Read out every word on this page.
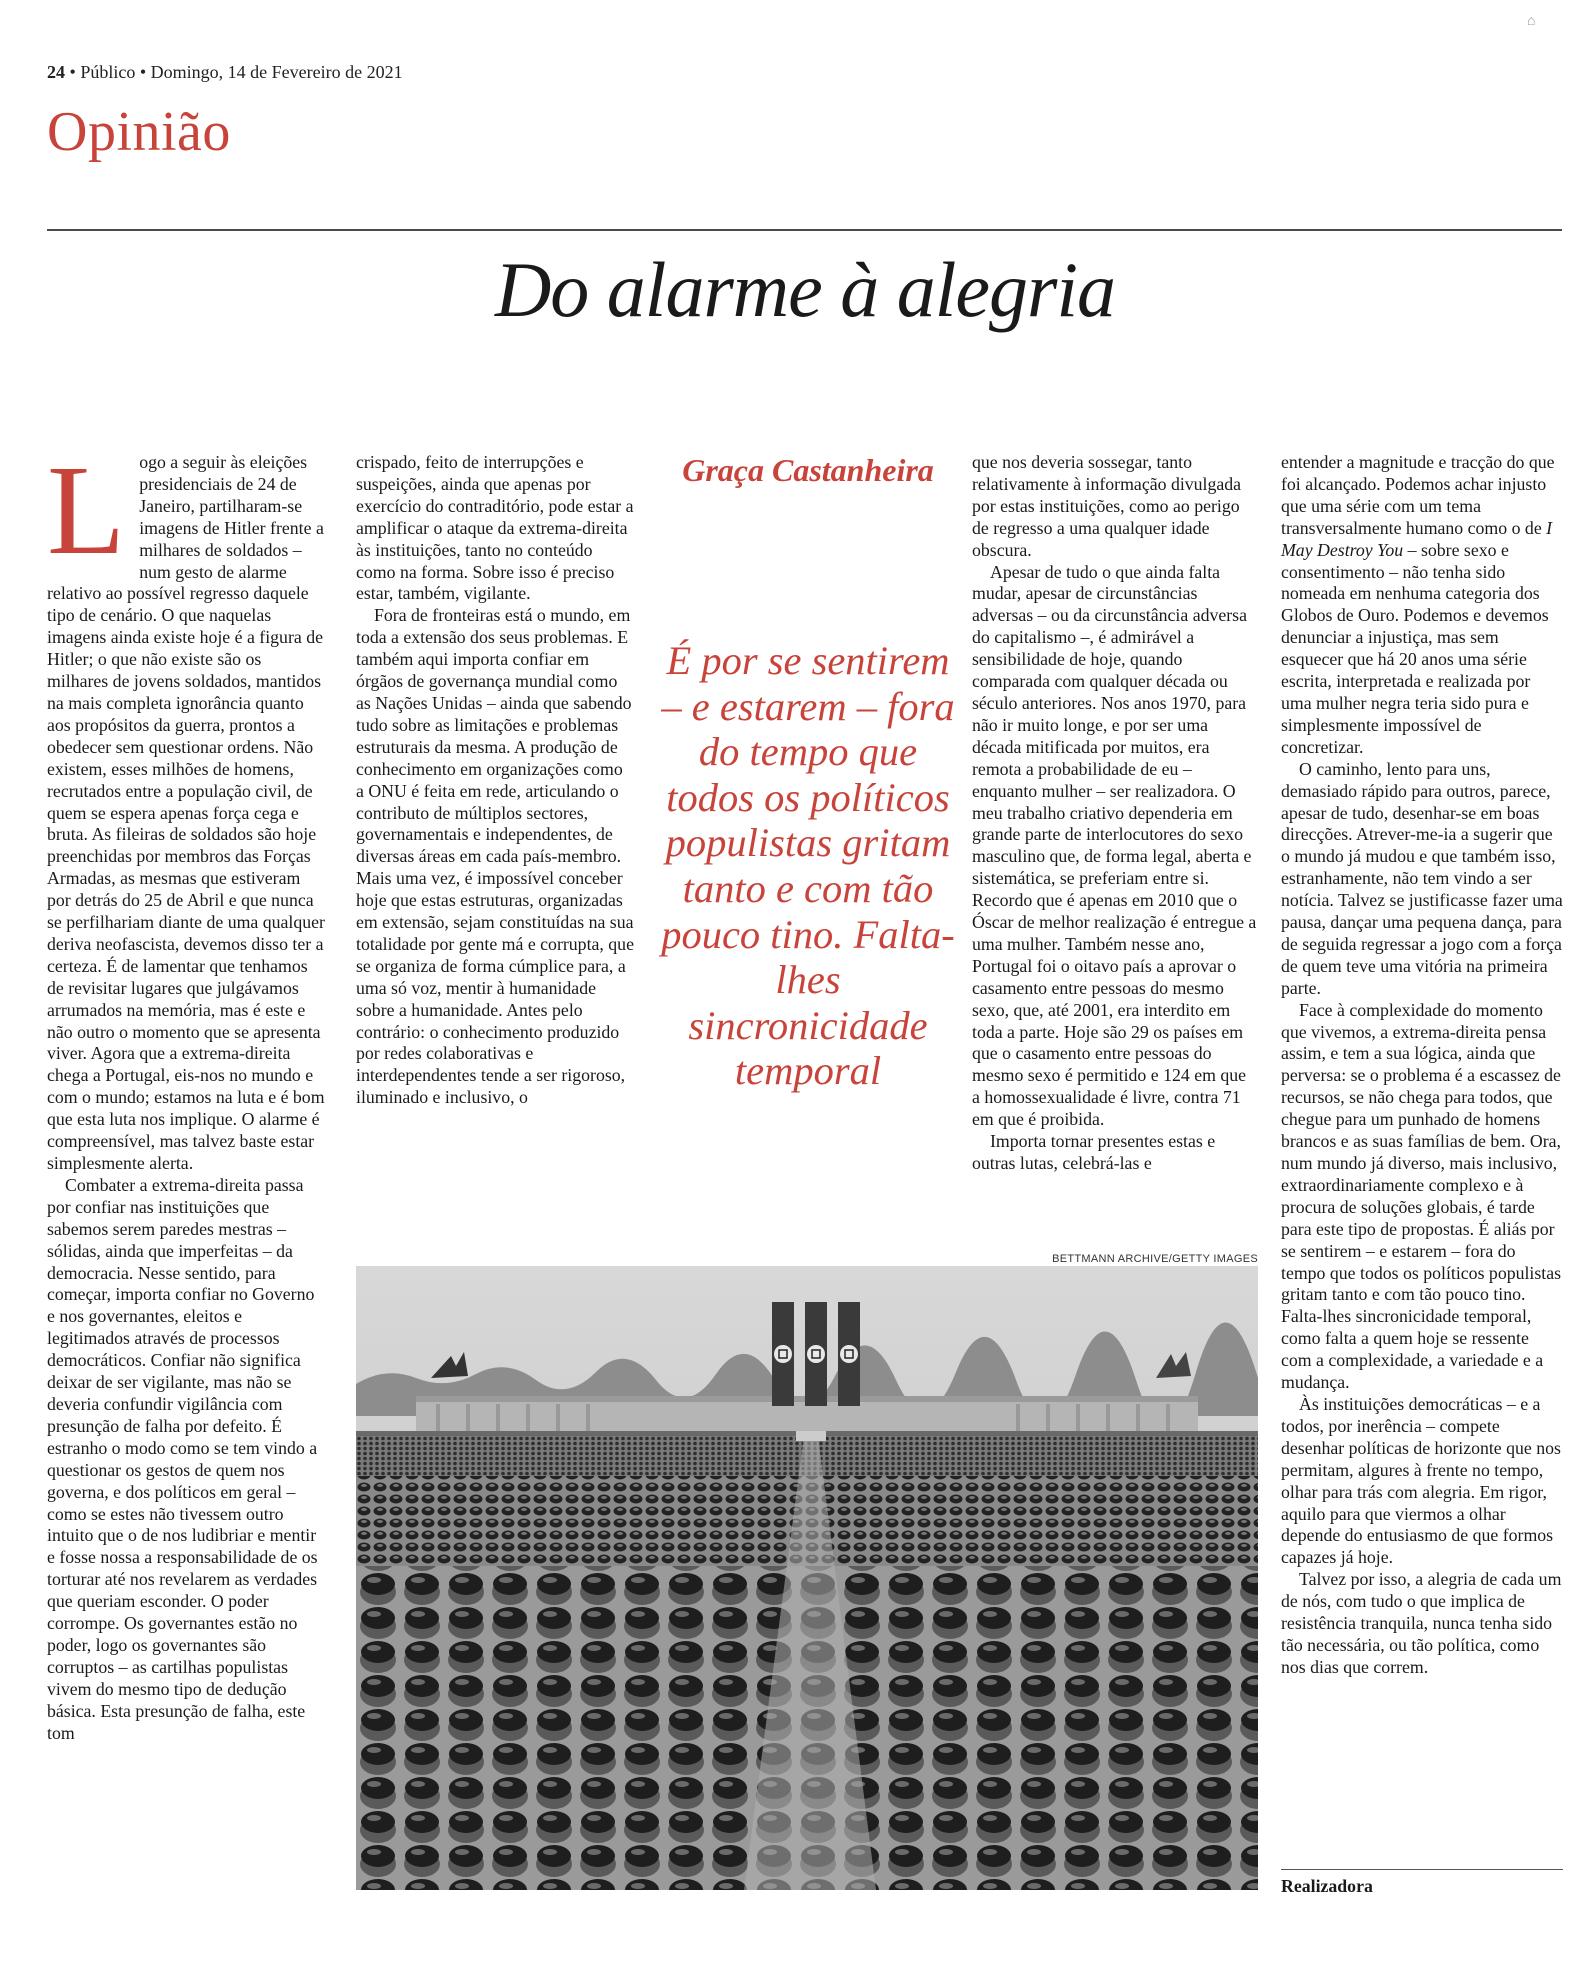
⌂
24 • Público • Domingo, 14 de Fevereiro de 2021
Opinião
Do alarme à alegria

Logo a seguir às eleições presidenciais de 24 de Janeiro, partilharam-se imagens de Hitler frente a milhares de soldados – num gesto de alarme relativo ao possível regresso daquele tipo de cenário. O que naquelas imagens ainda existe hoje é a figura de Hitler; o que não existe são os milhares de jovens soldados, mantidos na mais completa ignorância quanto aos propósitos da guerra, prontos a obedecer sem questionar ordens. Não existem, esses milhões de homens, recrutados entre a população civil, de quem se espera apenas força cega e bruta. As fileiras de soldados são hoje preenchidas por membros das Forças Armadas, as mesmas que estiveram por detrás do 25 de Abril e que nunca se perfilhariam diante de uma qualquer deriva neofascista, devemos disso ter a certeza. É de lamentar que tenhamos de revisitar lugares que julgávamos arrumados na memória, mas é este e não outro o momento que se apresenta viver. Agora que a extrema-direita chega a Portugal, eis-nos no mundo e com o mundo; estamos na luta e é bom que esta luta nos implique. O alarme é compreensível, mas talvez baste estar simplesmente alerta.

Combater a extrema-direita passa por confiar nas instituições que sabemos serem paredes mestras – sólidas, ainda que imperfeitas – da democracia. Nesse sentido, para começar, importa confiar no Governo e nos governantes, eleitos e legitimados através de processos democráticos. Confiar não significa deixar de ser vigilante, mas não se deveria confundir vigilância com presunção de falha por defeito. É estranho o modo como se tem vindo a questionar os gestos de quem nos governa, e dos políticos em geral – como se estes não tivessem outro intuito que o de nos ludibriar e mentir e fosse nossa a responsabilidade de os torturar até nos revelarem as verdades que queriam esconder. O poder corrompe. Os governantes estão no poder, logo os governantes são corruptos – as cartilhas populistas vivem do mesmo tipo de dedução básica. Esta presunção de falha, este tom

crispado, feito de interrupções e suspeições, ainda que apenas por exercício do contraditório, pode estar a amplificar o ataque da extrema-direita às instituições, tanto no conteúdo como na forma. Sobre isso é preciso estar, também, vigilante.

Fora de fronteiras está o mundo, em toda a extensão dos seus problemas. E também aqui importa confiar em órgãos de governança mundial como as Nações Unidas – ainda que sabendo tudo sobre as limitações e problemas estruturais da mesma. A produção de conhecimento em organizações como a ONU é feita em rede, articulando o contributo de múltiplos sectores, governamentais e independentes, de diversas áreas em cada país-membro. Mais uma vez, é impossível conceber hoje que estas estruturas, organizadas em extensão, sejam constituídas na sua totalidade por gente má e corrupta, que se organiza de forma cúmplice para, a uma só voz, mentir à humanidade sobre a humanidade. Antes pelo contrário: o conhecimento produzido por redes colaborativas e interdependentes tende a ser rigoroso, iluminado e inclusivo, o

Graça Castanheira
É por se sentirem – e estarem – fora do tempo que todos os políticos populistas gritam tanto e com tão pouco tino. Falta-lhes sincronicidade temporal

que nos deveria sossegar, tanto relativamente à informação divulgada por estas instituições, como ao perigo de regresso a uma qualquer idade obscura.

Apesar de tudo o que ainda falta mudar, apesar de circunstâncias adversas – ou da circunstância adversa do capitalismo –, é admirável a sensibilidade de hoje, quando comparada com qualquer década ou século anteriores. Nos anos 1970, para não ir muito longe, e por ser uma década mitificada por muitos, era remota a probabilidade de eu – enquanto mulher – ser realizadora. O meu trabalho criativo dependeria em grande parte de interlocutores do sexo masculino que, de forma legal, aberta e sistemática, se preferiam entre si. Recordo que é apenas em 2010 que o Óscar de melhor realização é entregue a uma mulher. Também nesse ano, Portugal foi o oitavo país a aprovar o casamento entre pessoas do mesmo sexo, que, até 2001, era interdito em toda a parte. Hoje são 29 os países em que o casamento entre pessoas do mesmo sexo é permitido e 124 em que a homossexualidade é livre, contra 71 em que é proibida.

Importa tornar presentes estas e outras lutas, celebrá-las e

entender a magnitude e tracção do que foi alcançado. Podemos achar injusto que uma série com um tema transversalmente humano como o de I May Destroy You – sobre sexo e consentimento – não tenha sido nomeada em nenhuma categoria dos Globos de Ouro. Podemos e devemos denunciar a injustiça, mas sem esquecer que há 20 anos uma série escrita, interpretada e realizada por uma mulher negra teria sido pura e simplesmente impossível de concretizar.

O caminho, lento para uns, demasiado rápido para outros, parece, apesar de tudo, desenhar-se em boas direcções. Atrever-me-ia a sugerir que o mundo já mudou e que também isso, estranhamente, não tem vindo a ser notícia. Talvez se justificasse fazer uma pausa, dançar uma pequena dança, para de seguida regressar a jogo com a força de quem teve uma vitória na primeira parte.

Face à complexidade do momento que vivemos, a extrema-direita pensa assim, e tem a sua lógica, ainda que perversa: se o problema é a escassez de recursos, se não chega para todos, que chegue para um punhado de homens brancos e as suas famílias de bem. Ora, num mundo já diverso, mais inclusivo, extraordinariamente complexo e à procura de soluções globais, é tarde para este tipo de propostas. É aliás por se sentirem – e estarem – fora do tempo que todos os políticos populistas gritam tanto e com tão pouco tino. Falta-lhes sincronicidade temporal, como falta a quem hoje se ressente com a complexidade, a variedade e a mudança.

Às instituições democráticas – e a todos, por inerência – compete desenhar políticas de horizonte que nos permitam, algures à frente no tempo, olhar para trás com alegria. Em rigor, aquilo para que viermos a olhar depende do entusiasmo de que formos capazes já hoje.

Talvez por isso, a alegria de cada um de nós, com tudo o que implica de resistência tranquila, nunca tenha sido tão necessária, ou tão política, como nos dias que correm.

BETTMANN ARCHIVE/GETTY IMAGES
Realizadora
